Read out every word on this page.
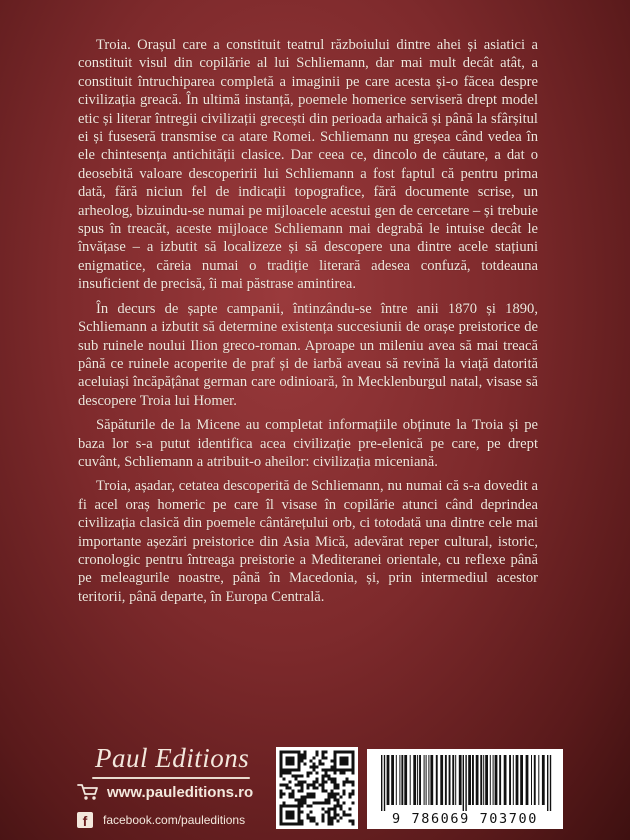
Troia. Orașul care a constituit teatrul războiului dintre ahei și asiatici a constituit visul din copilărie al lui Schliemann, dar mai mult decât atât, a constituit întruchiparea completă a imaginii pe care acesta și-o făcea despre civilizația greacă. În ultimă instanță, poemele homerice serviseră drept model etic și literar întregii civilizații grecești din perioada arhaică și până la sfârșitul ei și fuseseră transmise ca atare Romei. Schliemann nu greșea când vedea în ele chintesența antichității clasice. Dar ceea ce, dincolo de căutare, a dat o deosebită valoare descoperirii lui Schliemann a fost faptul că pentru prima dată, fără niciun fel de indicații topografice, fără documente scrise, un arheolog, bizuindu-se numai pe mijloacele acestui gen de cercetare – și trebuie spus în treacăt, aceste mijloace Schliemann mai degrabă le intuise decât le învățase – a izbutit să localizeze și să descopere una dintre acele stațiuni enigmatice, căreia numai o tradiție literară adesea confuză, totdeauna insuficient de precisă, îi mai păstrase amintirea.

În decurs de șapte campanii, întinzându-se între anii 1870 și 1890, Schliemann a izbutit să determine existența succesiunii de orașe preistorice de sub ruinele noului Ilion greco-roman. Aproape un mileniu avea să mai treacă până ce ruinele acoperite de praf și de iarbă aveau să revină la viață datorită aceluiași încăpățânat german care odinioară, în Mecklenburgul natal, visase să descopere Troia lui Homer.

Săpăturile de la Micene au completat informațiile obținute la Troia și pe baza lor s-a putut identifica acea civilizație pre-elenică pe care, pe drept cuvânt, Schliemann a atribuit-o aheilor: civilizația miceniană.

Troia, așadar, cetatea descoperită de Schliemann, nu numai că s-a dovedit a fi acel oraș homeric pe care îl visase în copilărie atunci când deprindea civilizația clasică din poemele cântărețului orb, ci totodată una dintre cele mai importante așezări preistorice din Asia Mică, adevărat reper cultural, istoric, cronologic pentru întreaga preistorie a Mediteranei orientale, cu reflexe până pe meleagurile noastre, până în Macedonia, și, prin intermediul acestor teritorii, până departe, în Europa Centrală.

Paul Editions
www.pauleditions.ro
f	facebook.com/pauleditions	9 786069 703700
